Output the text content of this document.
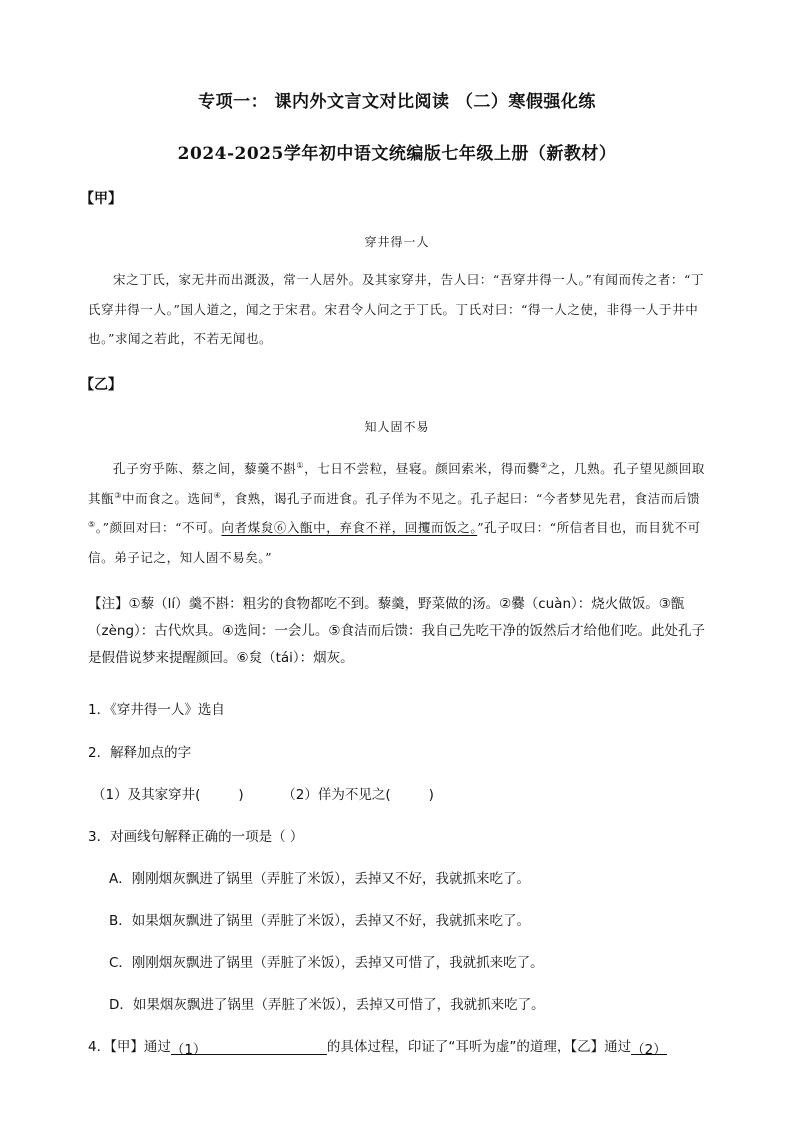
专项一： 课内外文言文对比阅读 （二）寒假强化练
2024-2025学年初中语文统编版七年级上册（新教材）
【甲】
穿井得一人

宋之丁氏，家无井而出溉汲，常一人居外。及其家穿井，告人曰：“吾穿井得一人。”有闻而传之者：“丁氏穿井得一人。”国人道之，闻之于宋君。宋君令人问之于丁氏。丁氏对曰：“得一人之使，非得一人于井中也。”求闻之若此，不若无闻也。

【乙】
知人固不易

孔子穷乎陈、蔡之间，藜羹不斟①，七日不尝粒，昼寝。颜回索米，得而爨②之，几熟。孔子望见颜回取其甑③中而食之。选间④，食熟，谒孔子而进食。孔子佯为不见之。孔子起曰：“今者梦见先君，食洁而后馈⑤。”颜回对曰：“不可。向者煤炱⑥入甑中，弃食不祥，回攫而饭之。”孔子叹曰：“所信者目也，而目犹不可信。弟子记之，知人固不易矣。”

【注】①藜（lí）羹不斟：粗劣的食物都吃不到。藜羹，野菜做的汤。②爨（cuàn）：烧火做饭。③甑（zèng）：古代炊具。④选间：一会儿。⑤食洁而后馈：我自己先吃干净的饭然后才给他们吃。此处孔子是假借说梦来提醒颜回。⑥炱（tái）：烟灰。
1．《穿井得一人》选自
2．解释加点的字
（1）及其家穿井(	)	（2）佯为不见之(	)
3．对画线句解释正确的一项是（ ）
A．刚刚烟灰飘进了锅里（弄脏了米饭），丢掉又不好，我就抓来吃了。
B．如果烟灰飘进了锅里（弄脏了米饭），丢掉又不好，我就抓来吃了。
C．刚刚烟灰飘进了锅里（弄脏了米饭），丢掉又可惜了，我就抓来吃了。
D．如果烟灰飘进了锅里（弄脏了米饭），丢掉又可惜了，我就抓来吃了。
4．【甲】通过（1）	的具体过程，印证了“耳听为虚”的道理，【乙】通过（2）
